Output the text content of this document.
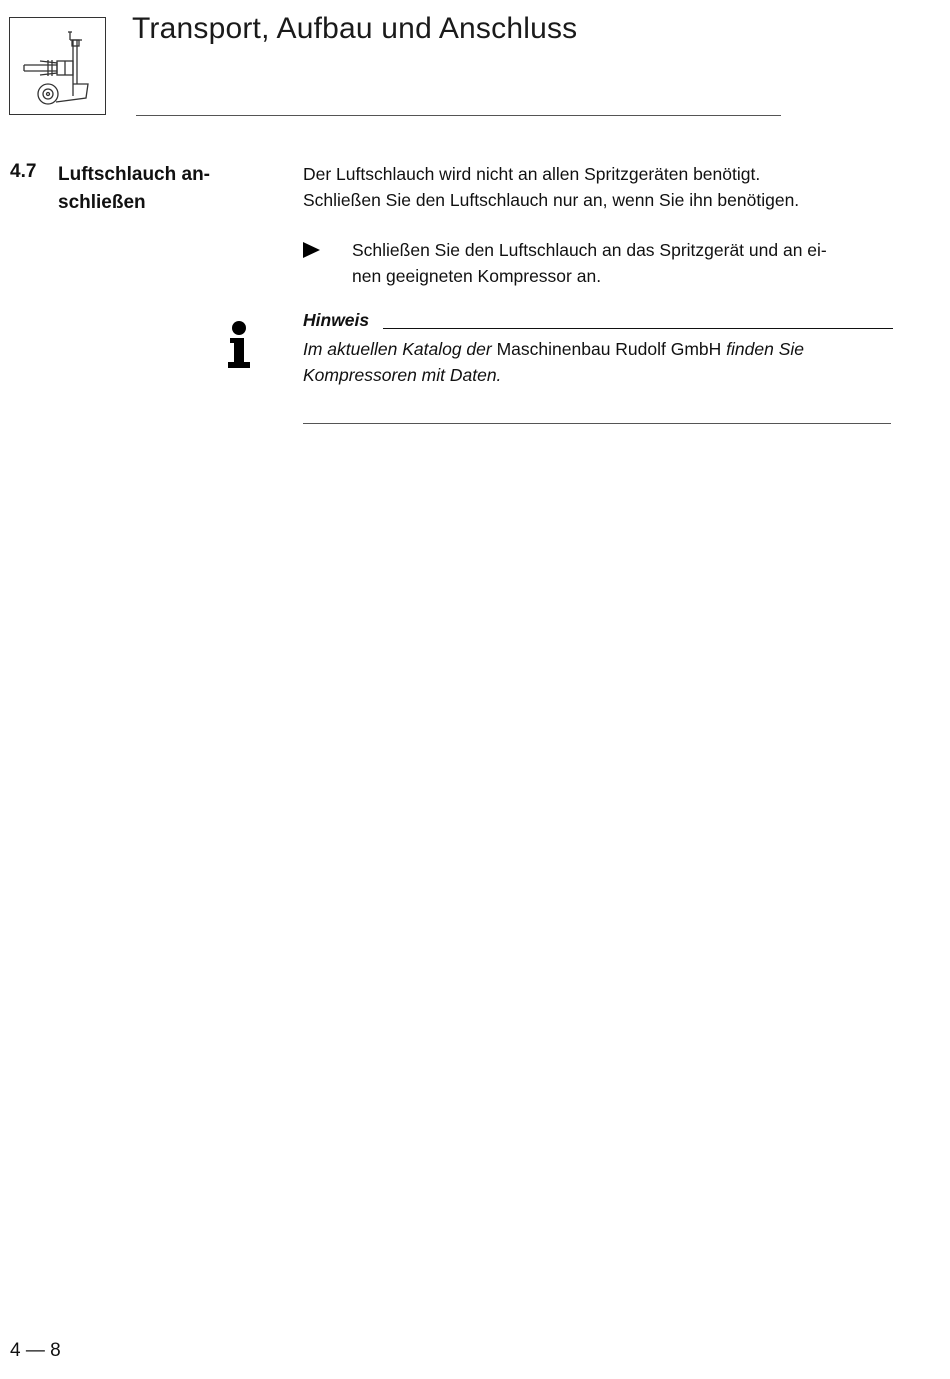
Transport, Aufbau und Anschluss
4.7 Luftschlauch an-
schließen
Der Luftschlauch wird nicht an allen Spritzgeräten benötigt.
Schließen Sie den Luftschlauch nur an, wenn Sie ihn benötigen.
Schließen Sie den Luftschlauch an das Spritzgerät und an ei-
nen geeigneten Kompressor an.
Hinweis
Im aktuellen Katalog der Maschinenbau Rudolf GmbH finden Sie
Kompressoren mit Daten.
4 — 8
